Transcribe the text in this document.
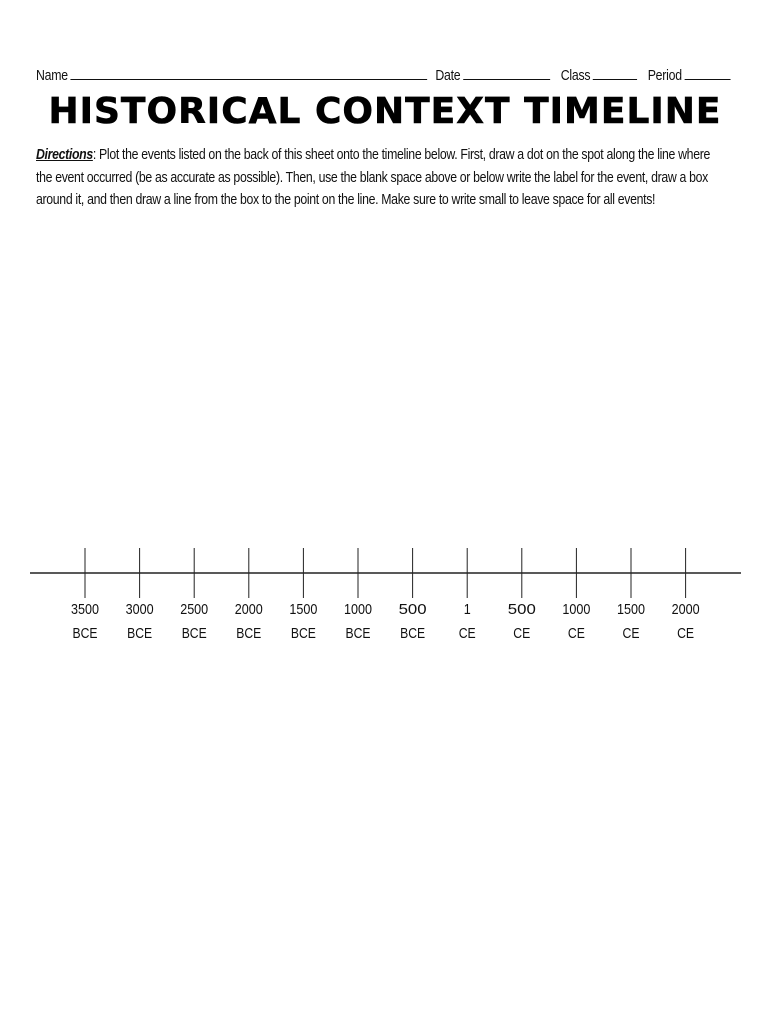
Name	Date	Class	Period
HISTORICAL CONTEXT TIMELINE
Directions: Plot the events listed on the back of this sheet onto the timeline below. First, draw a dot on the spot along the line where
the event occurred (be as accurate as possible). Then, use the blank space above or below write the label for the event, draw a box
around it, and then draw a line from the box to the point on the line. Make sure to write small to leave space for all events!
3500
BCE
3000
BCE
2500
BCE
2000
BCE
1500
BCE
1000
BCE
500
BCE
1
CE
500
CE
1000
CE
1500
CE
2000
CE
